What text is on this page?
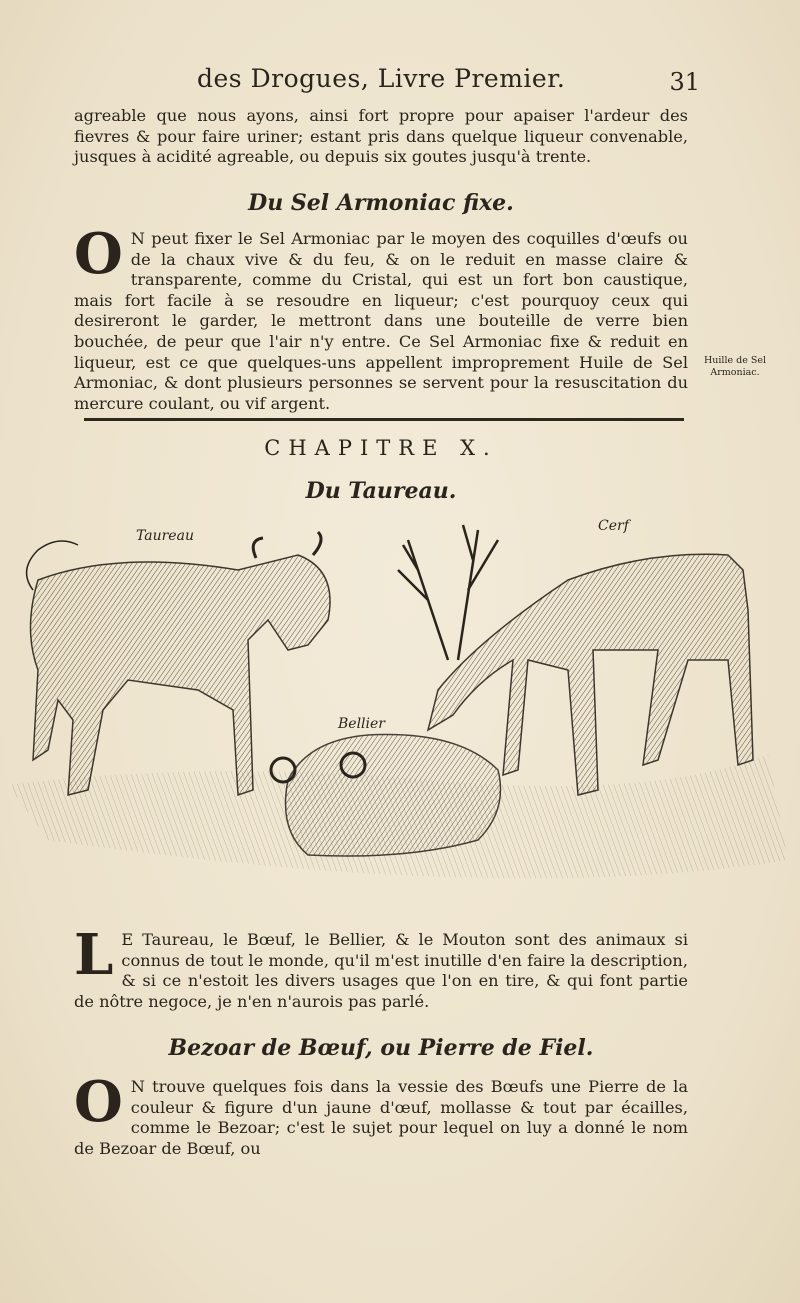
des Drogues, Livre Premier.	31

agreable que nous ayons, ainsi fort propre pour apaiser l'ardeur des fievres & pour faire uriner; estant pris dans quelque liqueur convenable, jusques à acidité agreable, ou depuis six goutes jusqu'à trente.

Du Sel Armoniac fixe.
O N peut fixer le Sel Armoniac par le moyen des coquilles d'œufs ou de la chaux vive & du feu, & on le reduit en masse claire & transparente, comme du Cristal, qui est un fort bon caustique, mais fort facile à se resoudre en liqueur; c'est pourquoy ceux qui desireront le garder, le mettront dans une bouteille de verre bien bouchée, de peur que l'air n'y entre. Ce Sel Armoniac fixe & reduit en liqueur, est ce que quelques-uns appellent improprement Huile de Sel Armoniac, & dont plusieurs personnes se servent pour la resuscitation du mercure coulant, ou vif argent.

Huille de Sel Armoniac.
CHAPITRE X.
Du Taureau.
Taureau
Cerf
Bellier
L E Taureau, le Bœuf, le Bellier, & le Mouton sont des animaux si connus de tout le monde, qu'il m'est inutille d'en faire la description, & si ce n'estoit les divers usages que l'on en tire, & qui font partie de nôtre negoce, je n'en n'aurois pas parlé.

Bezoar de Bœuf, ou Pierre de Fiel.
O N trouve quelques fois dans la vessie des Bœufs une Pierre de la couleur & figure d'un jaune d'œuf, mollasse & tout par écailles, comme le Bezoar; c'est le sujet pour lequel on luy a donné le nom de Bezoar de Bœuf, ou
